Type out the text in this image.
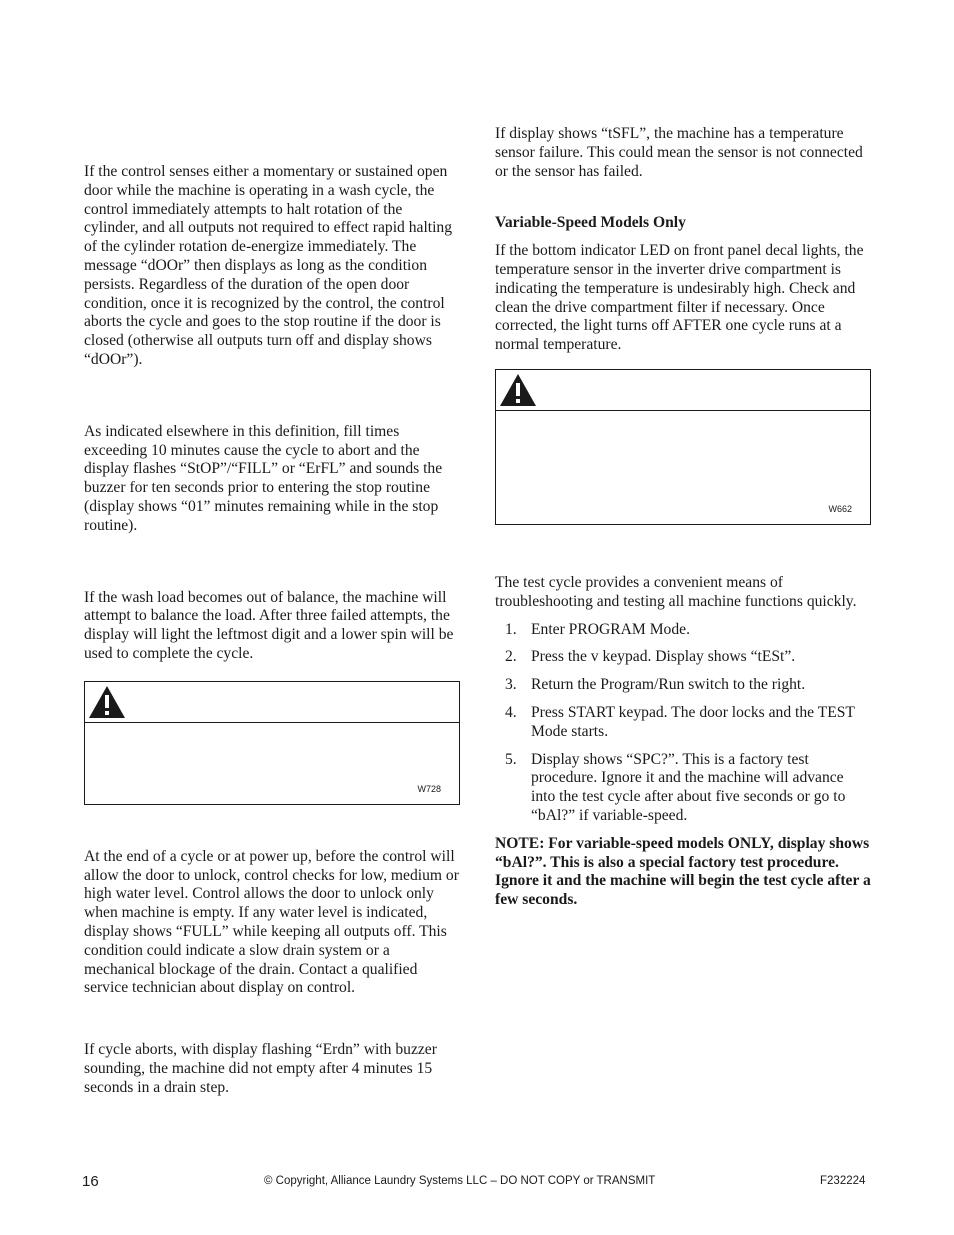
If the control senses either a momentary or sustained open door while the machine is operating in a wash cycle, the control immediately attempts to halt rotation of the cylinder, and all outputs not required to effect rapid halting of the cylinder rotation de-energize immediately. The message “dOOr” then displays as long as the condition persists. Regardless of the duration of the open door condition, once it is recognized by the control, the control aborts the cycle and goes to the stop routine if the door is closed (otherwise all outputs turn off and display shows “dOOr”).

As indicated elsewhere in this definition, fill times exceeding 10 minutes cause the cycle to abort and the display flashes “StOP”/“FILL” or “ErFL” and sounds the buzzer for ten seconds prior to entering the stop routine (display shows “01” minutes remaining while in the stop routine).

If the wash load becomes out of balance, the machine will attempt to balance the load. After three failed attempts, the display will light the leftmost digit and a lower spin will be used to complete the cycle.

W728

At the end of a cycle or at power up, before the control will allow the door to unlock, control checks for low, medium or high water level. Control allows the door to unlock only when machine is empty. If any water level is indicated, display shows “FULL” while keeping all outputs off. This condition could indicate a slow drain system or a mechanical blockage of the drain. Contact a qualified service technician about display on control.

If cycle aborts, with display flashing “Erdn” with buzzer sounding, the machine did not empty after 4 minutes 15 seconds in a drain step.

If display shows “tSFL”, the machine has a temperature sensor failure. This could mean the sensor is not connected or the sensor has failed.

Variable-Speed Models Only

If the bottom indicator LED on front panel decal lights, the temperature sensor in the inverter drive compartment is indicating the temperature is undesirably high. Check and clean the drive compartment filter if necessary. Once corrected, the light turns off AFTER one cycle runs at a normal temperature.

W662

The test cycle provides a convenient means of troubleshooting and testing all machine functions quickly.

1. Enter PROGRAM Mode.
2. Press the v keypad. Display shows “tESt”.
3. Return the Program/Run switch to the right.
4. Press START keypad. The door locks and the TEST Mode starts.
5. Display shows “SPC?”. This is a factory test procedure. Ignore it and the machine will advance into the test cycle after about five seconds or go to “bAl?” if variable-speed.

NOTE: For variable-speed models ONLY, display shows “bAl?”. This is also a special factory test procedure. Ignore it and the machine will begin the test cycle after a few seconds.

16	© Copyright, Alliance Laundry Systems LLC – DO NOT COPY or TRANSMIT	F232224
